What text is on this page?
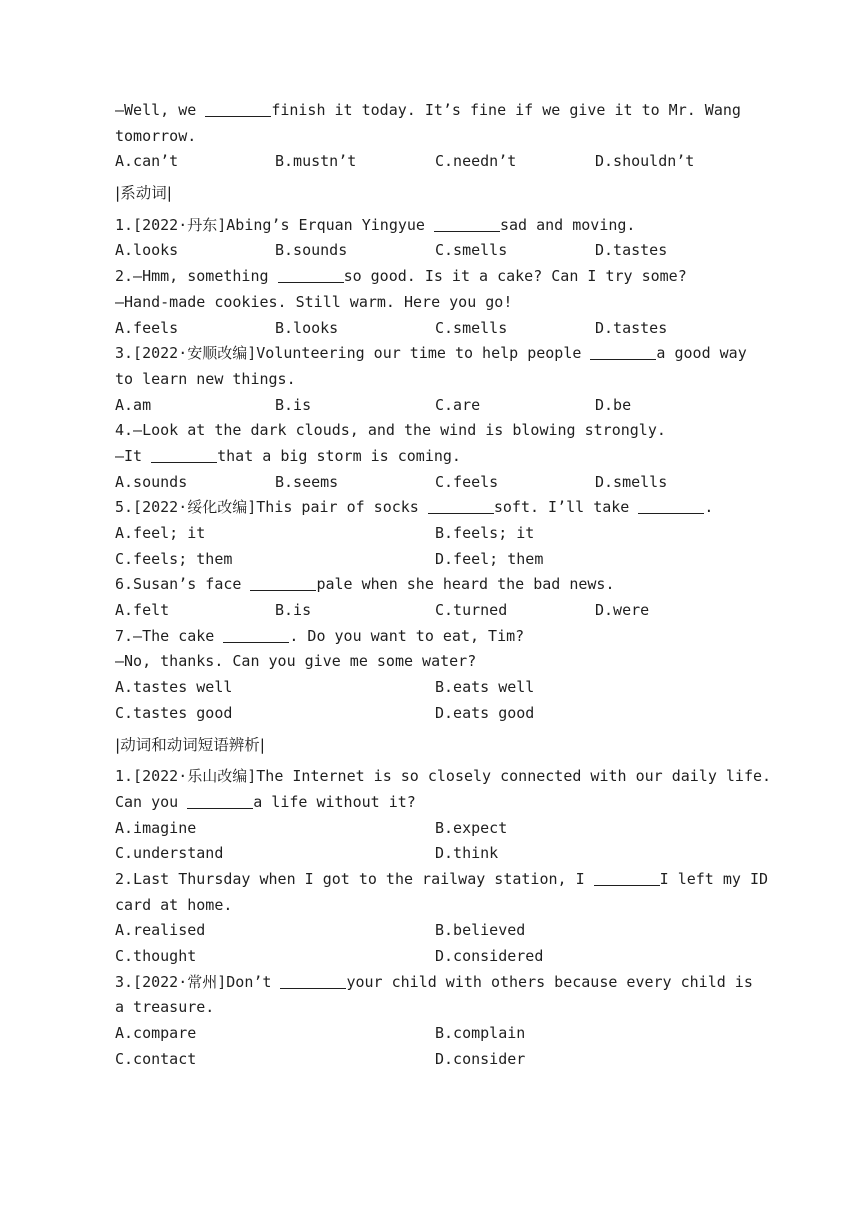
—Well, we	finish it today. It’s fine if we give it to Mr. Wang
tomorrow.
A.can’t	B.mustn’t	C.needn’t	D.shouldn’t
|系动词|
1.[2022·丹东]Abing’s Erquan Yingyue	sad and moving.
A.looks	B.sounds	C.smells	D.tastes
2.—Hmm, something	so good. Is it a cake? Can I try some?
—Hand-made cookies. Still warm. Here you go!
A.feels	B.looks	C.smells	D.tastes
3.[2022·安顺改编]Volunteering our time to help people	a good way
to learn new things.
A.am	B.is	C.are	D.be
4.—Look at the dark clouds, and the wind is blowing strongly.
—It	that a big storm is coming.
A.sounds	B.seems	C.feels	D.smells
5.[2022·绥化改编]This pair of socks	soft. I’ll take	.
A.feel; it	B.feels; it
C.feels; them	D.feel; them
6.Susan’s face	pale when she heard the bad news.
A.felt	B.is	C.turned	D.were
7.—The cake	. Do you want to eat, Tim?
—No, thanks. Can you give me some water?
A.tastes well	B.eats well
C.tastes good	D.eats good
|动词和动词短语辨析|
1.[2022·乐山改编]The Internet is so closely connected with our daily life.
Can you	a life without it?
A.imagine	B.expect
C.understand	D.think
2.Last Thursday when I got to the railway station, I	I left my ID
card at home.
A.realised	B.believed
C.thought	D.considered
3.[2022·常州]Don’t	your child with others because every child is
a treasure.
A.compare	B.complain
C.contact	D.consider
